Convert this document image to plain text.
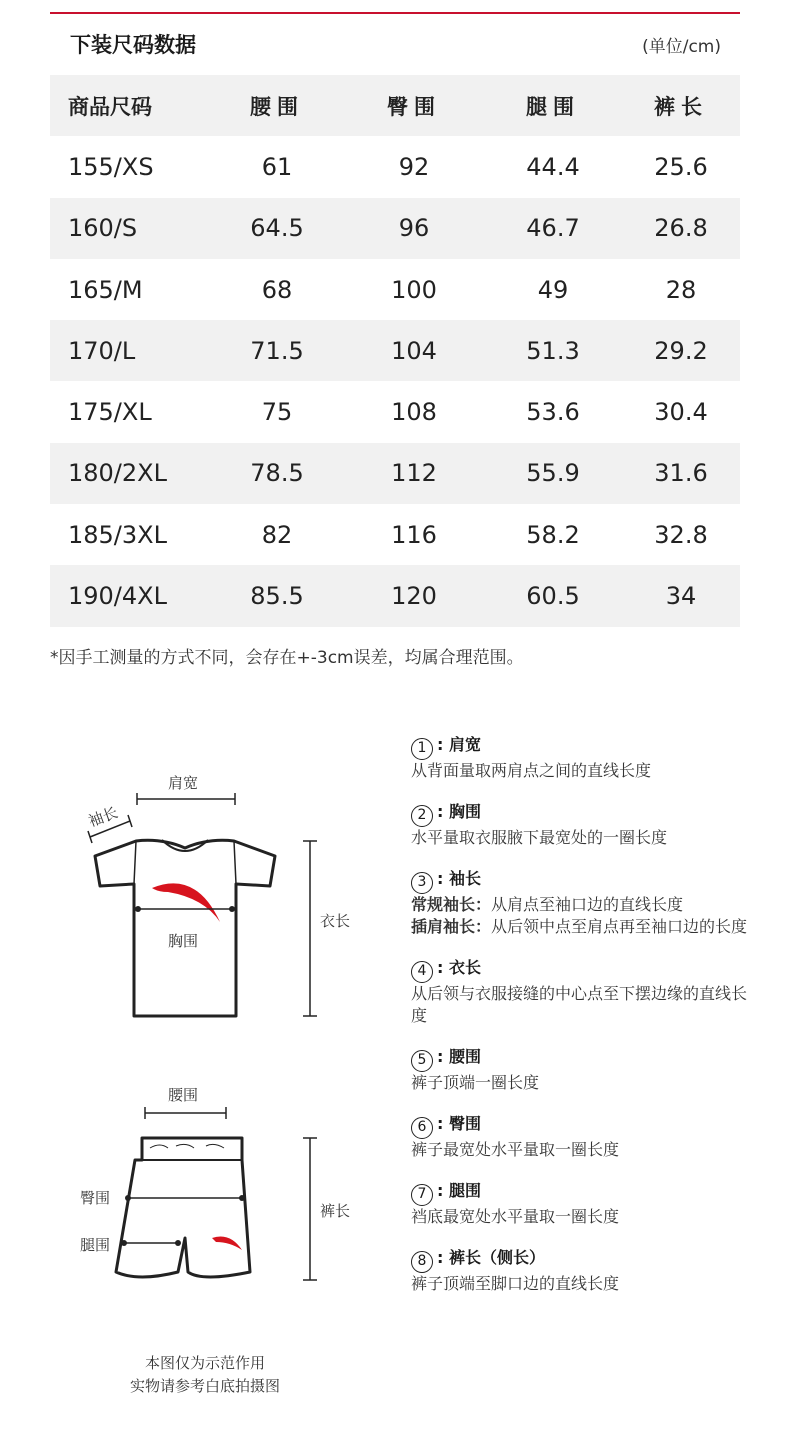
下装尺码数据	(单位/cm)
商品尺码	腰围	臀围	腿围	裤长
155/XS	61	92	44.4	25.6
160/S	64.5	96	46.7	26.8
165/M	68	100	49	28
170/L	71.5	104	51.3	29.2
175/XL	75	108	53.6	30.4
180/2XL	78.5	112	55.9	31.6
185/3XL	82	116	58.2	32.8
190/4XL	85.5	120	60.5	34
*因手工测量的方式不同，会存在+-3cm误差，均属合理范围。
肩宽
袖长
胸围
衣长
腰围
臀围
腿围
裤长
本图仅为示范作用
实物请参考白底拍摄图
1 : 肩宽
从背面量取两肩点之间的直线长度
2 : 胸围
水平量取衣服腋下最宽处的一圈长度
3 : 袖长
常规袖长： 从肩点至袖口边的直线长度
插肩袖长： 从后领中点至肩点再至袖口边的长度
4 : 衣长
从后领与衣服接缝的中心点至下摆边缘的直线长度
5 : 腰围
裤子顶端一圈长度
6 : 臀围
裤子最宽处水平量取一圈长度
7 : 腿围
裆底最宽处水平量取一圈长度
8 : 裤长（侧长）
裤子顶端至脚口边的直线长度
